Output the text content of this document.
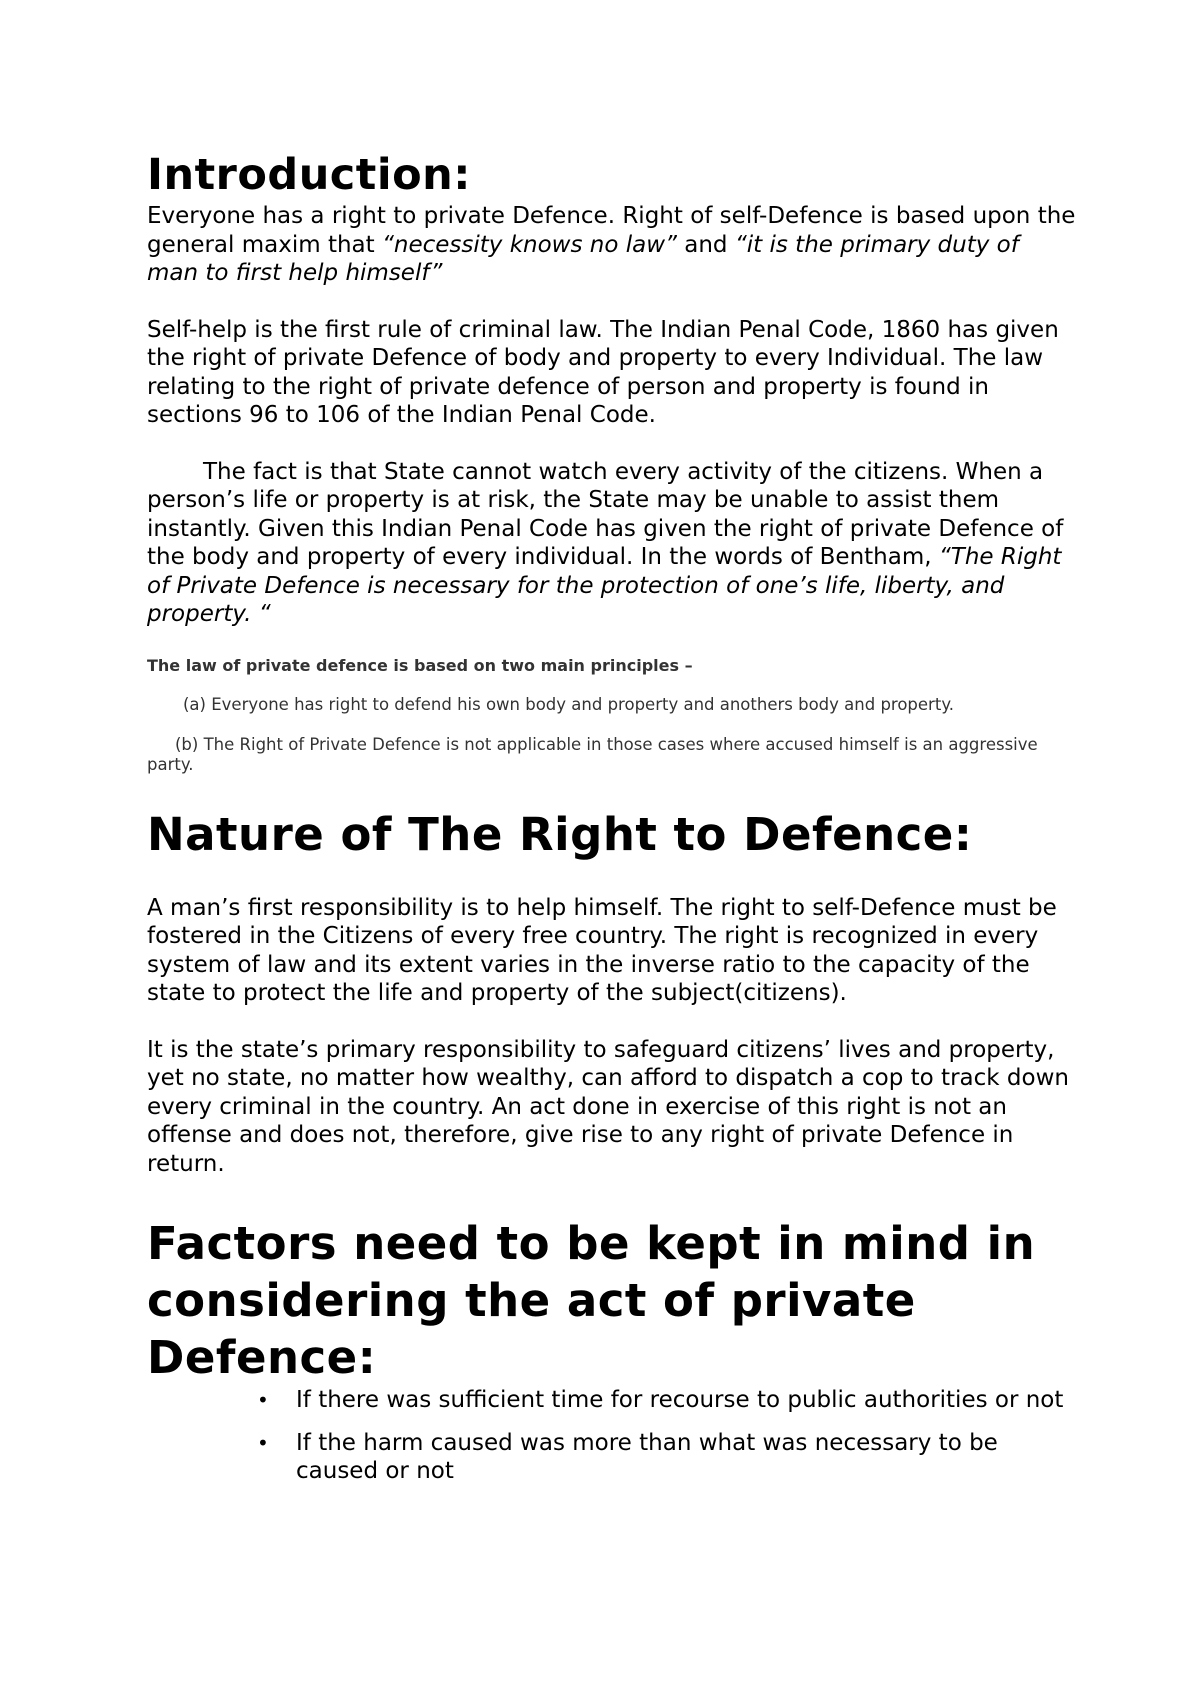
Introduction:

Everyone has a right to private Defence. Right of self-Defence is based upon the general maxim that “necessity knows no law” and “it is the primary duty of man to first help himself”

Self-help is the first rule of criminal law. The Indian Penal Code, 1860 has given the right of private Defence of body and property to every Individual. The law relating to the right of private defence of person and property is found in sections 96 to 106 of the Indian Penal Code.

The fact is that State cannot watch every activity of the citizens. When a person’s life or property is at risk, the State may be unable to assist them instantly. Given this Indian Penal Code has given the right of private Defence of the body and property of every individual. In the words of Bentham, “The Right of Private Defence is necessary for the protection of one’s life, liberty, and property. “

The law of private defence is based on two main principles –

(a) Everyone has right to defend his own body and property and anothers body and property.

(b) The Right of Private Defence is not applicable in those cases where accused himself is an aggressive party.

Nature of The Right to Defence:

A man’s first responsibility is to help himself. The right to self-Defence must be fostered in the Citizens of every free country. The right is recognized in every system of law and its extent varies in the inverse ratio to the capacity of the state to protect the life and property of the subject(citizens).

It is the state’s primary responsibility to safeguard citizens’ lives and property, yet no state, no matter how wealthy, can afford to dispatch a cop to track down every criminal in the country. An act done in exercise of this right is not an offense and does not, therefore, give rise to any right of private Defence in return.

Factors need to be kept in mind in considering the act of private Defence:
• If there was sufficient time for recourse to public authorities or not
• If the harm caused was more than what was necessary to be caused or not
